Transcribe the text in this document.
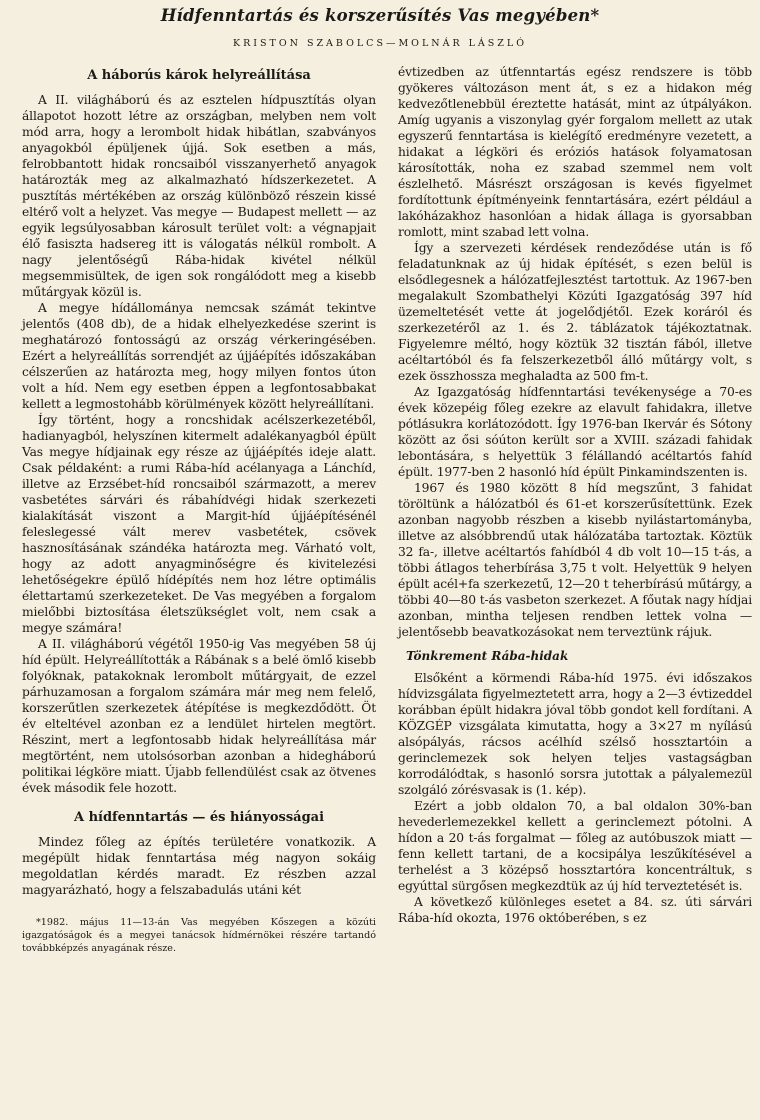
Hídfenntartás és korszerűsítés Vas megyében*
KRISTON SZABOLCS—MOLNÁR LÁSZLÓ
A háborús károk helyreállítása

A II. világháború és az esztelen hídpusztítás olyan állapotot hozott létre az országban, melyben nem volt mód arra, hogy a lerombolt hidak hibátlan, szabványos anyagokból épüljenek újjá. Sok esetben a más, felrobbantott hidak roncsaiból visszanyerhető anyagok határozták meg az alkalmazható hídszerkezetet. A pusztítás mértékében az ország különböző részein kissé eltérő volt a helyzet. Vas megye — Budapest mellett — az egyik legsúlyosabban károsult terület volt: a végnapjait élő fasiszta hadsereg itt is válogatás nélkül rombolt. A nagy jelentőségű Rába-hidak kivétel nélkül megsemmisültek, de igen sok rongálódott meg a kisebb műtárgyak közül is.

A megye hídállománya nemcsak számát tekintve jelentős (408 db), de a hidak elhelyezkedése szerint is meghatározó fontosságú az ország vérkeringésében. Ezért a helyreállítás sorrendjét az újjáépítés időszakában célszerűen az határozta meg, hogy milyen fontos úton volt a híd. Nem egy esetben éppen a legfontosabbakat kellett a legmostohább körülmények között helyreállítani.

Így történt, hogy a roncshidak acélszerkezetéből, hadianyagból, helyszínen kitermelt adalékanyagból épült Vas megye hídjainak egy része az újjáépítés ideje alatt. Csak példaként: a rumi Rába-híd acélanyaga a Lánchíd, illetve az Erzsébet-híd roncsaiból származott, a merev vasbetétes sárvári és rábahídvégi hidak szerkezeti kialakítását viszont a Margit-híd újjáépítésénél feleslegessé vált merev vasbetétek, csövek hasznosításának szándéka határozta meg. Várható volt, hogy az adott anyagminőségre és kivitelezési lehetőségekre épülő hídépítés nem hoz létre optimális élettartamú szerkezeteket. De Vas megyében a forgalom mielőbbi biztosítása életszükséglet volt, nem csak a megye számára!

A II. világháború végétől 1950-ig Vas megyében 58 új híd épült. Helyreállították a Rábának s a belé ömlő kisebb folyóknak, patakoknak lerombolt műtárgyait, de ezzel párhuzamosan a forgalom számára már meg nem felelő, korszerűtlen szerkezetek átépítése is megkezdődött. Öt év elteltével azonban ez a lendület hirtelen megtört. Részint, mert a legfontosabb hidak helyreállítása már megtörtént, nem utolsósorban azonban a hidegháború politikai légköre miatt. Újabb fellendülést csak az ötvenes évek második fele hozott.

A hídfenntartás — és hiányosságai

Mindez főleg az építés területére vonatkozik. A megépült hidak fenntartása még nagyon sokáig megoldatlan kérdés maradt. Ez részben azzal magyarázható, hogy a felszabadulás utáni két

*1982. május 11—13-án Vas megyében Kőszegen a közúti igazgatóságok és a megyei tanácsok hídmérnökei részére tartandó továbbképzés anyagának része.

évtizedben az útfenntartás egész rendszere is több gyökeres változáson ment át, s ez a hidakon még kedvezőtlenebbül éreztette hatását, mint az útpályákon. Amíg ugyanis a viszonylag gyér forgalom mellett az utak egyszerű fenntartása is kielégítő eredményre vezetett, a hidakat a légköri és eróziós hatások folyamatosan károsították, noha ez szabad szemmel nem volt észlelhető. Másrészt országosan is kevés figyelmet fordítottunk építményeink fenntartására, ezért például a lakóházakhoz hasonlóan a hidak állaga is gyorsabban romlott, mint szabad lett volna.

Így a szervezeti kérdések rendeződése után is fő feladatunknak az új hidak építését, s ezen belül is elsődlegesnek a hálózatfejlesztést tartottuk. Az 1967-ben megalakult Szombathelyi Közúti Igazgatóság 397 híd üzemeltetését vette át jogelődjétől. Ezek koráról és szerkezetéről az 1. és 2. táblázatok tájékoztatnak. Figyelemre méltó, hogy köztük 32 tisztán fából, illetve acéltartóból és fa felszerkezetből álló műtárgy volt, s ezek összhossza meghaladta az 500 fm-t.

Az Igazgatóság hídfenntartási tevékenysége a 70-es évek közepéig főleg ezekre az elavult fahidakra, illetve pótlásukra korlátozódott. Így 1976-ban Ikervár és Sótony között az ősi sóúton került sor a XVIII. századi fahidak lebontására, s helyettük 3 félállandó acéltartós fahíd épült. 1977-ben 2 hasonló híd épült Pinkamindszenten is.

1967 és 1980 között 8 híd megszűnt, 3 fahidat töröltünk a hálózatból és 61-et korszerűsítettünk. Ezek azonban nagyobb részben a kisebb nyilástartományba, illetve az alsóbbrendű utak hálózatába tartoztak. Köztük 32 fa-, illetve acéltartós fahídból 4 db volt 10—15 t-ás, a többi átlagos teherbírása 3,75 t volt. Helyettük 9 helyen épült acél+fa szerkezetű, 12—20 t teherbírású műtárgy, a többi 40—80 t-ás vasbeton szerkezet. A főutak nagy hídjai azonban, mintha teljesen rendben lettek volna — jelentősebb beavatkozásokat nem terveztünk rájuk.

Tönkrement Rába-hidak

Elsőként a körmendi Rába-híd 1975. évi időszakos hídvizsgálata figyelmeztetett arra, hogy a 2—3 évtizeddel korábban épült hidakra jóval több gondot kell fordítani. A KÖZGÉP vizsgálata kimutatta, hogy a 3×27 m nyílású alsópályás, rácsos acélhíd szélső hossztartóin a gerinclemezek sok helyen teljes vastagságban korrodálódtak, s hasonló sorsra jutottak a pályalemezül szolgáló zórésvasak is (1. kép).

Ezért a jobb oldalon 70, a bal oldalon 30%-ban hevederlemezekkel kellett a gerinclemezt pótolni. A hídon a 20 t-ás forgalmat — főleg az autóbuszok miatt — fenn kellett tartani, de a kocsipálya leszűkítésével a terhelést a 3 középső hossztartóra koncentráltuk, s egyúttal sürgősen megkezdtük az új híd terveztetését is.

A következő különleges esetet a 84. sz. úti sárvári Rába-híd okozta, 1976 októberében, s ez
